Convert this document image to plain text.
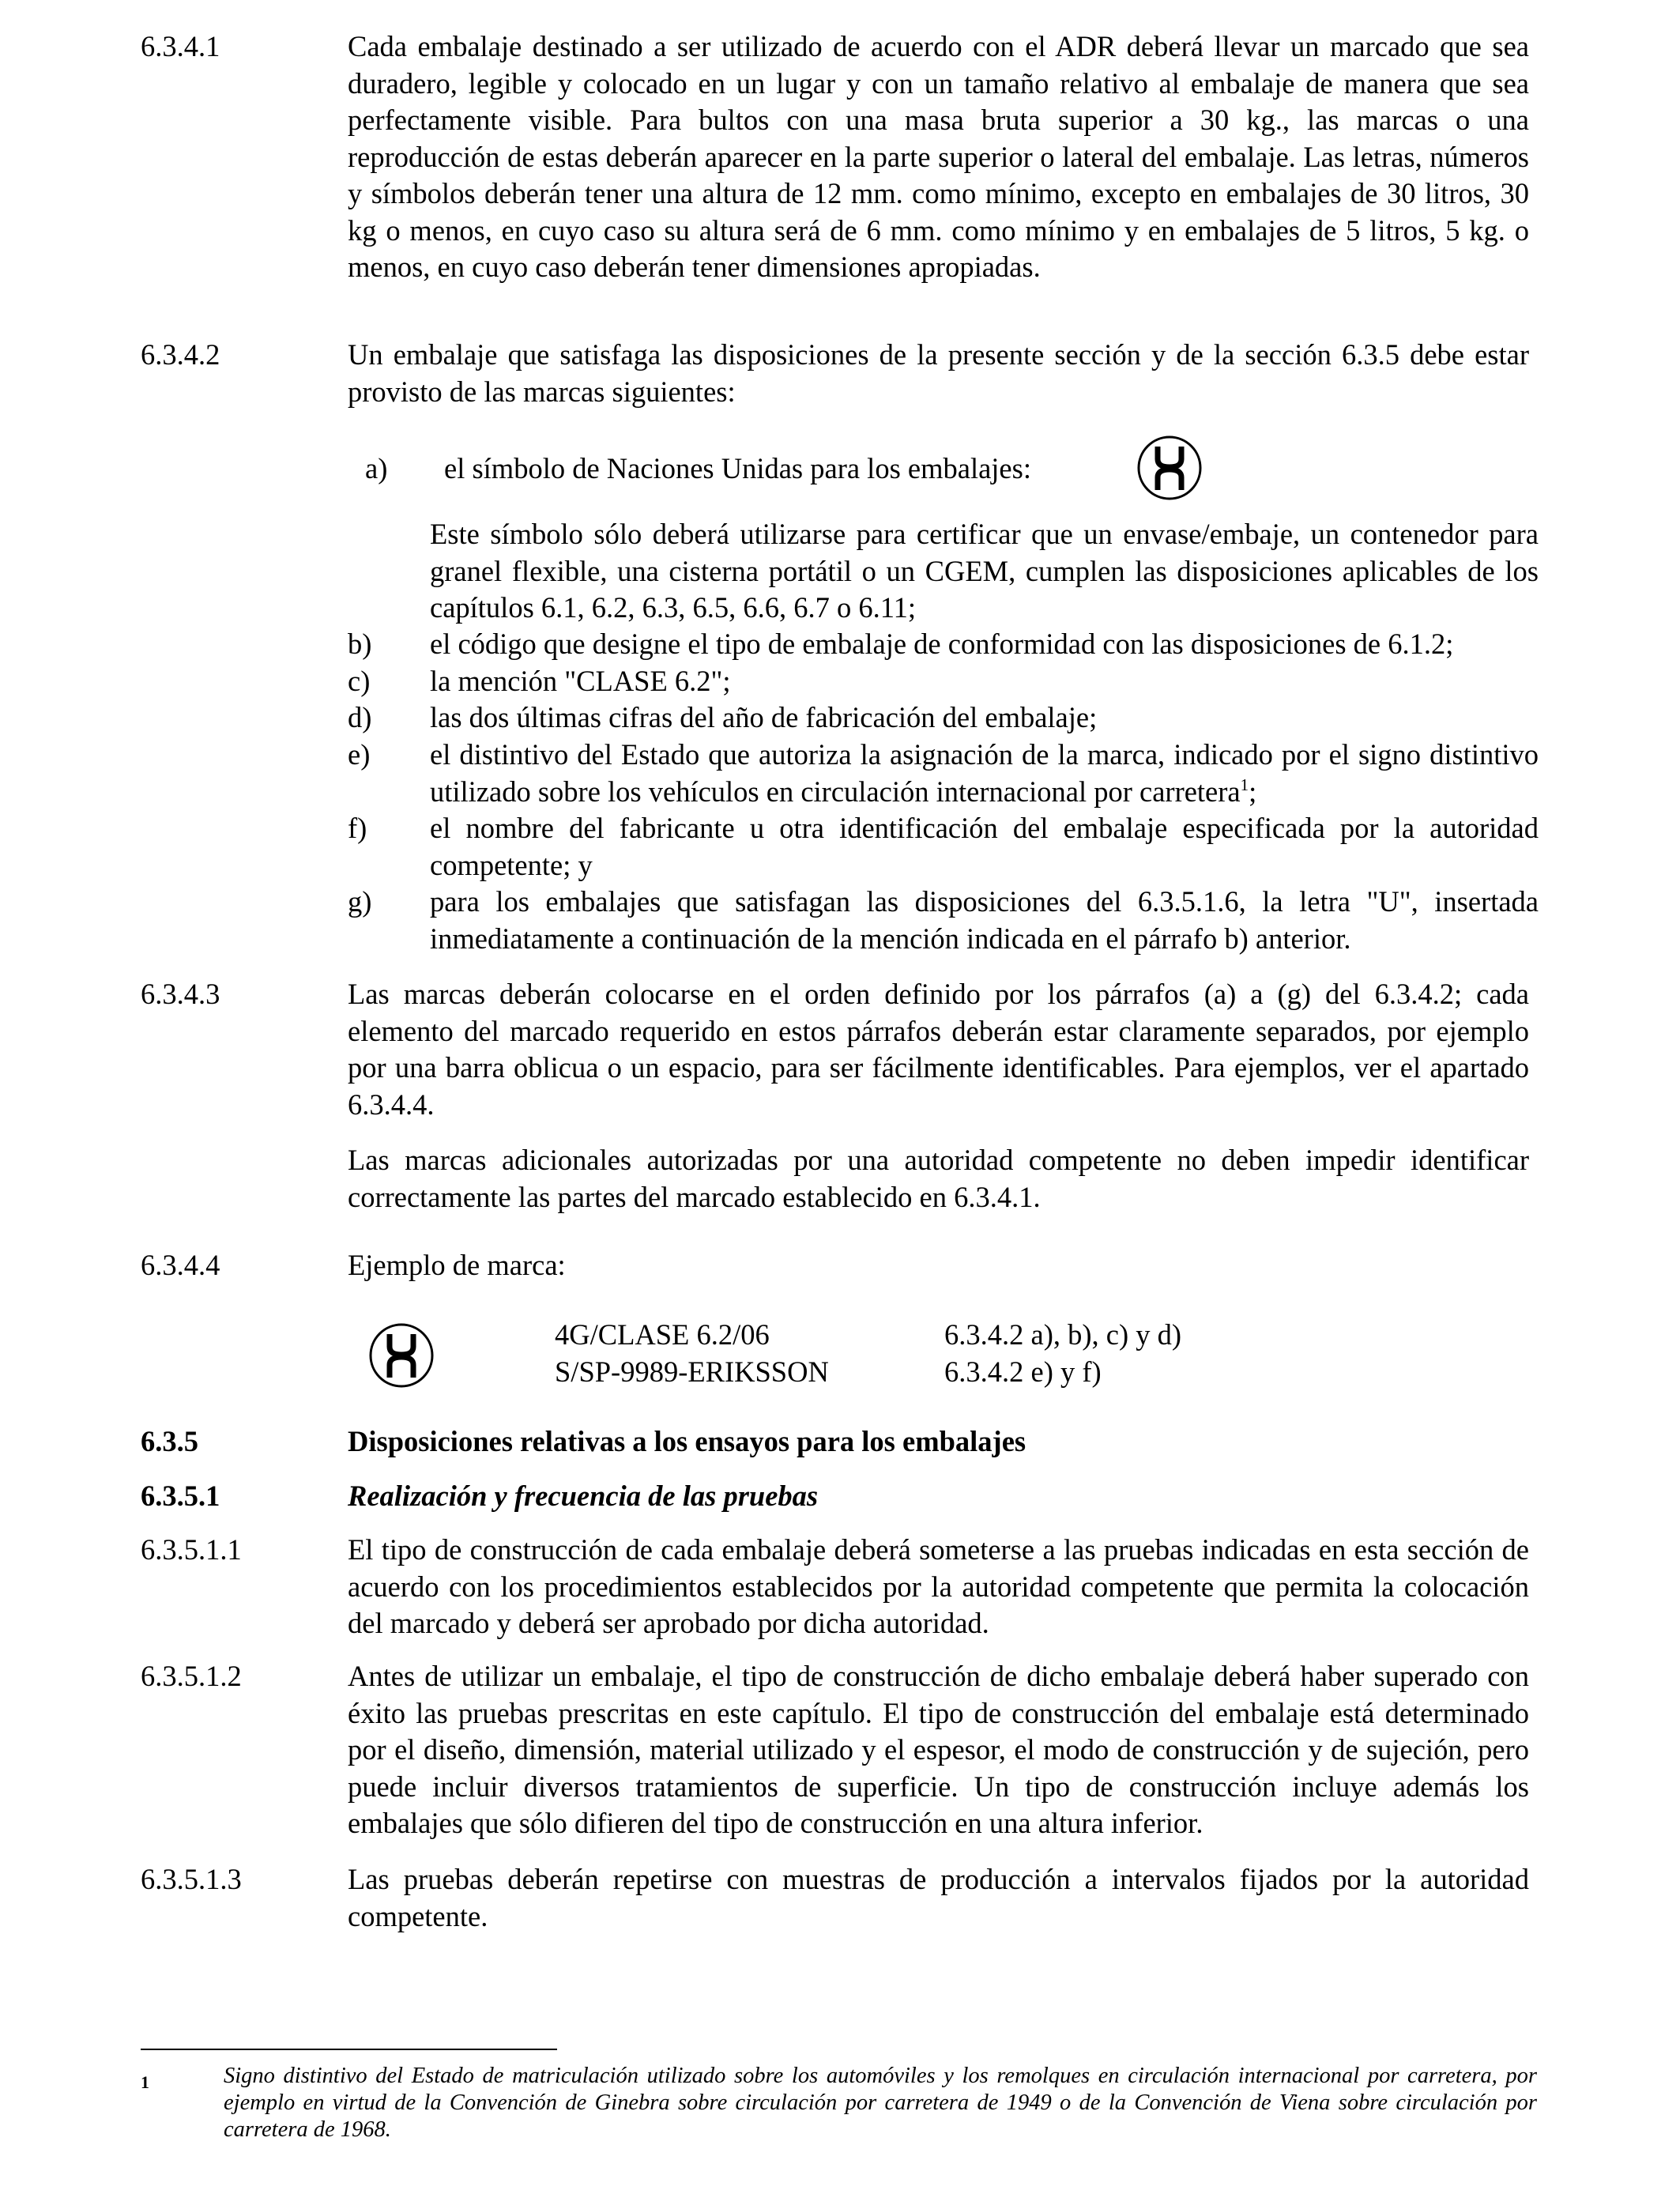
6.3.4.1	Cada embalaje destinado a ser utilizado de acuerdo con el ADR deberá llevar un marcado que sea duradero, legible y colocado en un lugar y con un tamaño relativo al embalaje de manera que sea perfectamente visible. Para bultos con una masa bruta superior a 30 kg., las marcas o una reproducción de estas deberán aparecer en la parte superior o lateral del embalaje. Las letras, números y símbolos deberán tener una altura de 12 mm. como mínimo, excepto en embalajes de 30 litros, 30 kg o menos, en cuyo caso su altura será de 6 mm. como mínimo y en embalajes de 5 litros, 5 kg. o menos, en cuyo caso deberán tener dimensiones apropiadas.
6.3.4.2	Un embalaje que satisfaga las disposiciones de la presente sección y de la sección 6.3.5 debe estar provisto de las marcas siguientes:
a) el símbolo de Naciones Unidas para los embalajes:
Este símbolo sólo deberá utilizarse para certificar que un envase/embaje, un contenedor para granel flexible, una cisterna portátil o un CGEM, cumplen las disposiciones aplicables de los capítulos 6.1, 6.2, 6.3, 6.5, 6.6, 6.7 o 6.11;
b) el código que designe el tipo de embalaje de conformidad con las disposiciones de 6.1.2;
c) la mención "CLASE 6.2";
d) las dos últimas cifras del año de fabricación del embalaje;
e) el distintivo del Estado que autoriza la asignación de la marca, indicado por el signo distintivo utilizado sobre los vehículos en circulación internacional por carretera$^1$;
f) el nombre del fabricante u otra identificación del embalaje especificada por la autoridad competente; y
g) para los embalajes que satisfagan las disposiciones del 6.3.5.1.6, la letra "U", insertada inmediatamente a continuación de la mención indicada en el párrafo b) anterior.
6.3.4.3	Las marcas deberán colocarse en el orden definido por los párrafos (a) a (g) del 6.3.4.2; cada elemento del marcado requerido en estos párrafos deberán estar claramente separados, por ejemplo por una barra oblicua o un espacio, para ser fácilmente identificables. Para ejemplos, ver el apartado 6.3.4.4.
Las marcas adicionales autorizadas por una autoridad competente no deben impedir identificar correctamente las partes del marcado establecido en 6.3.4.1.
6.3.4.4	Ejemplo de marca:
4G/CLASE 6.2/06	6.3.4.2 a), b), c) y d)
S/SP-9989-ERIKSSON	6.3.4.2 e) y f)
6.3.5	Disposiciones relativas a los ensayos para los embalajes
6.3.5.1	Realización y frecuencia de las pruebas
6.3.5.1.1	El tipo de construcción de cada embalaje deberá someterse a las pruebas indicadas en esta sección de acuerdo con los procedimientos establecidos por la autoridad competente que permita la colocación del marcado y deberá ser aprobado por dicha autoridad.
6.3.5.1.2	Antes de utilizar un embalaje, el tipo de construcción de dicho embalaje deberá haber superado con éxito las pruebas prescritas en este capítulo. El tipo de construcción del embalaje está determinado por el diseño, dimensión, material utilizado y el espesor, el modo de construcción y de sujeción, pero puede incluir diversos tratamientos de superficie. Un tipo de construcción incluye además los embalajes que sólo difieren del tipo de construcción en una altura inferior.
6.3.5.1.3	Las pruebas deberán repetirse con muestras de producción a intervalos fijados por la autoridad competente.
1	Signo distintivo del Estado de matriculación utilizado sobre los automóviles y los remolques en circulación internacional por carretera, por ejemplo en virtud de la Convención de Ginebra sobre circulación por carretera de 1949 o de la Convención de Viena sobre circulación por carretera de 1968.
